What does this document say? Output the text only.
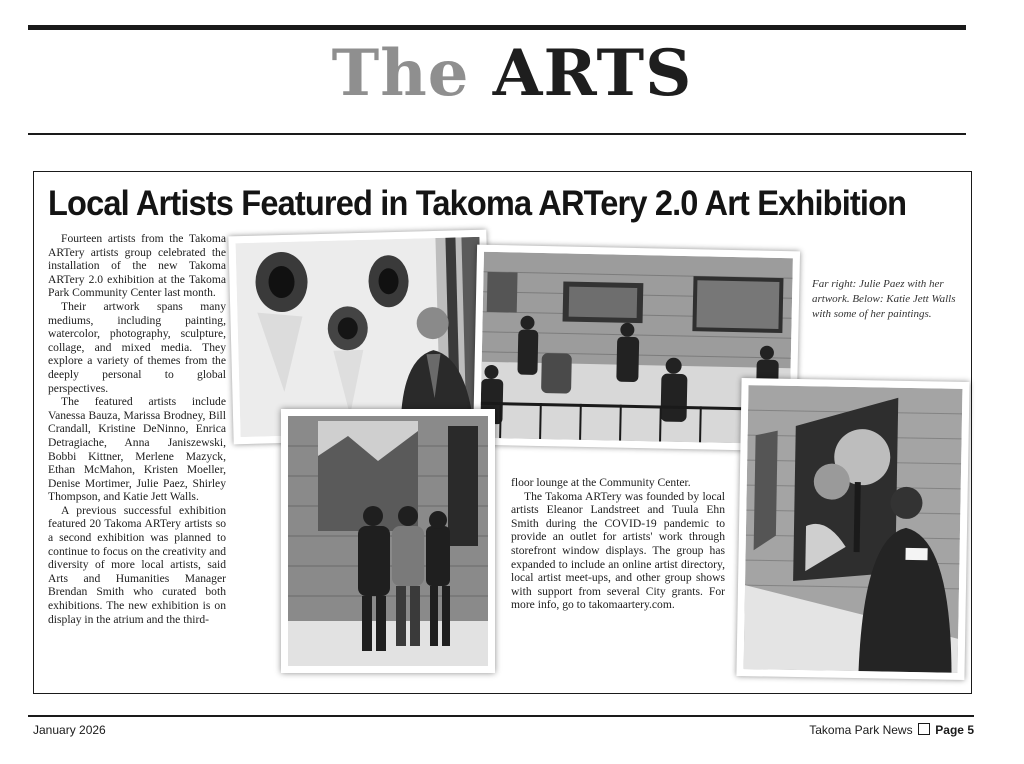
The ARTS
Local Artists Featured in Takoma ARTery 2.0 Art Exhibition

Fourteen artists from the Takoma ARTery artists group celebrated the installation of the new Takoma ARTery 2.0 exhibition at the Takoma Park Community Center last month.

Their artwork spans many mediums, including painting, watercolor, photography, sculpture, collage, and mixed media. They explore a variety of themes from the deeply personal to global perspectives.

The featured artists include Vanessa Bauza, Marissa Brodney, Bill Crandall, Kristine DeNinno, Enrica Detragiache, Anna Janiszewski, Bobbi Kittner, Merlene Mazyck, Ethan McMahon, Kristen Moeller, Denise Mortimer, Julie Paez, Shirley Thompson, and Katie Jett Walls.

A previous successful exhibition featured 20 Takoma ARTery artists so a second exhibition was planned to continue to focus on the creativity and diversity of more local artists, said Arts and Humanities Manager Brendan Smith who curated both exhibitions. The new exhibition is on display in the atrium and the third-

floor lounge at the Community Center.

The Takoma ARTery was founded by local artists Eleanor Landstreet and Tuula Ehn Smith during the COVID-19 pandemic to provide an outlet for artists' work through storefront window displays. The group has expanded to include an online artist directory, local artist meet-ups, and other group shows with support from several City grants. For more info, go to takomaartery.com.

Far right: Julie Paez with her artwork. Below: Katie Jett Walls with some of her paintings.
January 2026	Takoma Park News Page 5
